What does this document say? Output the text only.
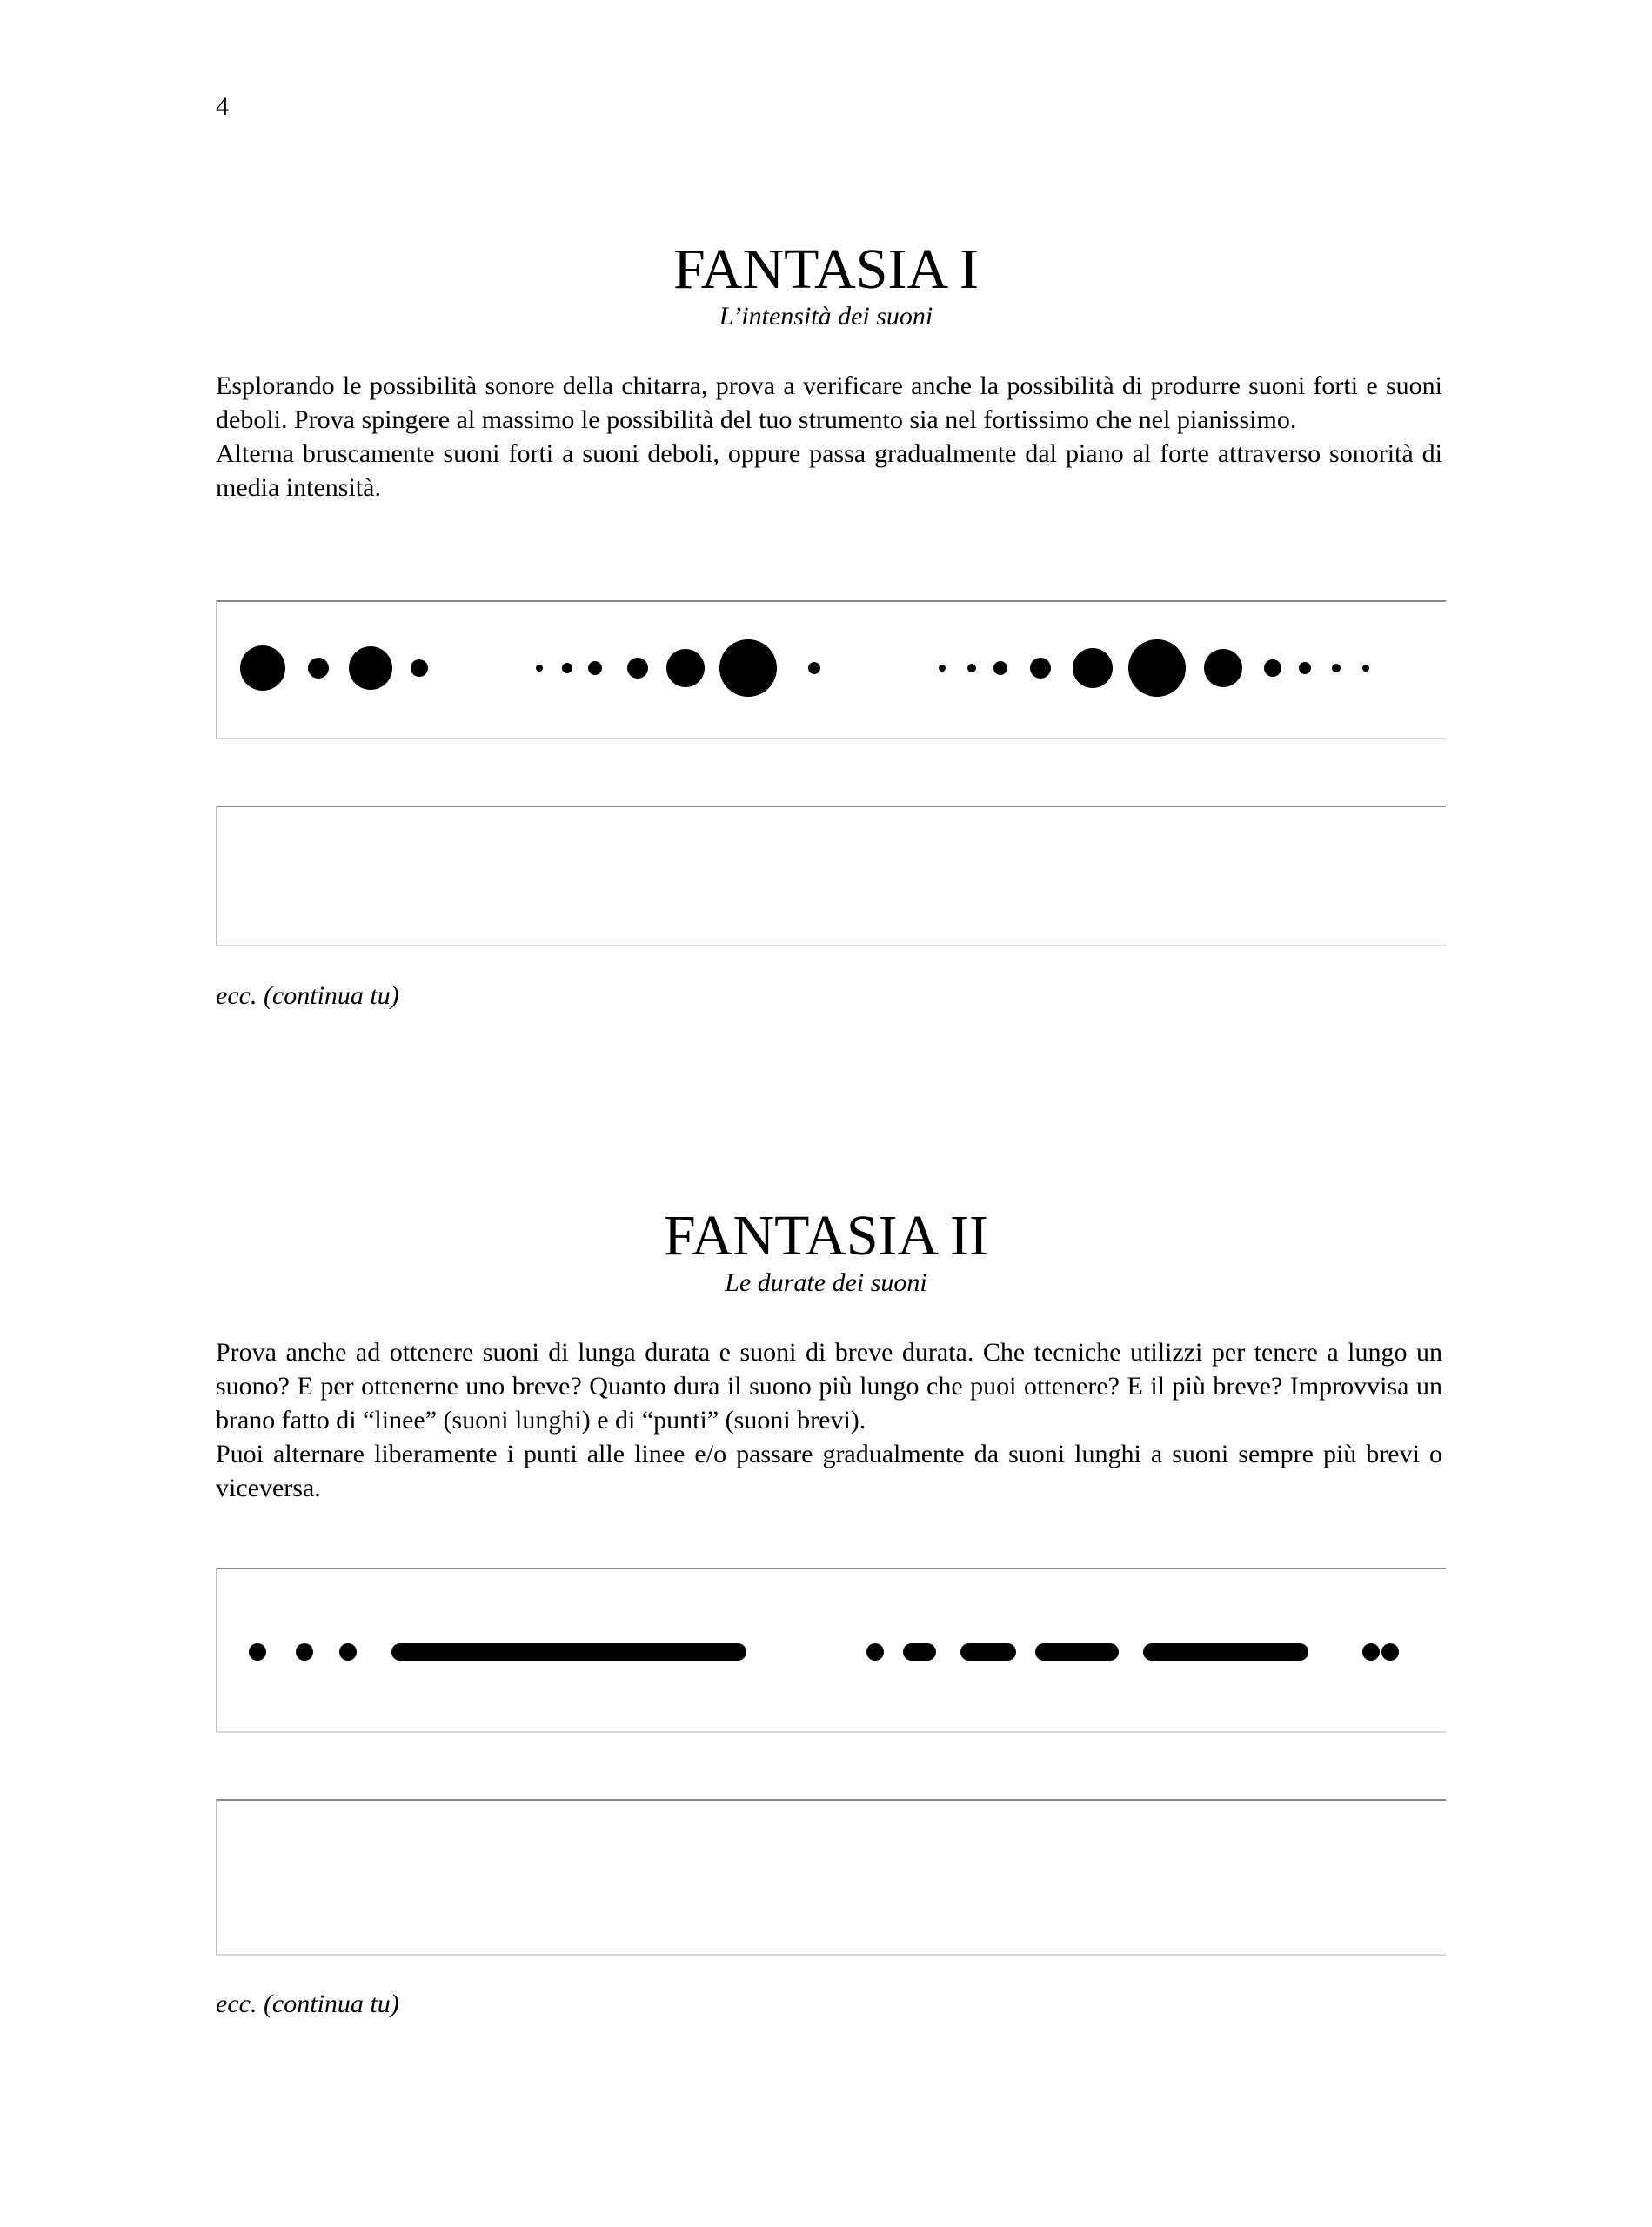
4
FANTASIA I
L’intensità dei suoni

Esplorando le possibilità sonore della chitarra, prova a verificare anche la possibilità di produrre suoni forti e suoni deboli. Prova spingere al massimo le possibilità del tuo strumento sia nel fortissimo che nel pianissimo.

Alterna bruscamente suoni forti a suoni deboli, oppure passa gradualmente dal piano al forte attraverso sonorità di media intensità.

ecc. (continua tu)
FANTASIA II
Le durate dei suoni

Prova anche ad ottenere suoni di lunga durata e suoni di breve durata. Che tecniche utilizzi per tenere a lungo un suono? E per ottenerne uno breve? Quanto dura il suono più lungo che puoi ottenere? E il più breve? Improvvisa un brano fatto di “linee” (suoni lunghi) e di “punti” (suoni brevi).

Puoi alternare liberamente i punti alle linee e/o passare gradualmente da suoni lunghi a suoni sempre più brevi o viceversa.

ecc. (continua tu)
